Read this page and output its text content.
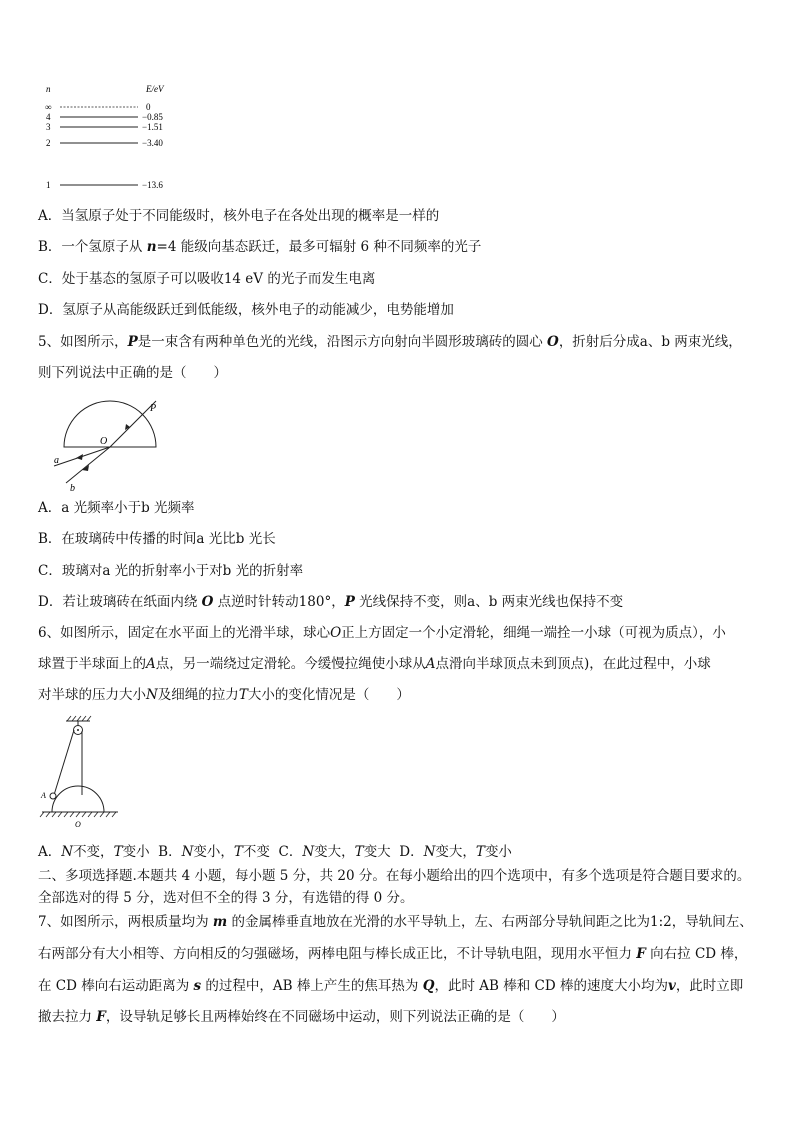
n	E/eV
∞	0
4	−0.85
3	−1.51
2	−3.40
1	−13.6
A．当氢原子处于不同能级时，核外电子在各处出现的概率是一样的
B．一个氢原子从 n=4 能级向基态跃迁，最多可辐射 6 种不同频率的光子
C．处于基态的氢原子可以吸收14 eV 的光子而发生电离
D．氢原子从高能级跃迁到低能级，核外电子的动能减少，电势能增加
5、如图所示，P是一束含有两种单色光的光线，沿图示方向射向半圆形玻璃砖的圆心 O，折射后分成a、b 两束光线，
则下列说法中正确的是（　　）
P
O
a
b
A．a 光频率小于b 光频率
B．在玻璃砖中传播的时间a 光比b 光长
C．玻璃对a 光的折射率小于对b 光的折射率
D．若让玻璃砖在纸面内绕 O 点逆时针转动180°，P 光线保持不变，则a、b 两束光线也保持不变
6、如图所示，固定在水平面上的光滑半球，球心O正上方固定一个小定滑轮，细绳一端拴一小球（可视为质点），小
球置于半球面上的A点，另一端绕过定滑轮。今缓慢拉绳使小球从A点滑向半球顶点未到顶点)，在此过程中，小球
对半球的压力大小N及细绳的拉力T大小的变化情况是（　　）
A
O
A．N不变，T变小  B．N变小，T不变  C．N变大，T变大  D．N变大，T变小
二、多项选择题.本题共 4 小题，每小题 5 分，共 20 分。在每小题给出的四个选项中，有多个选项是符合题目要求的。
全部选对的得 5 分，选对但不全的得 3 分，有选错的得 0 分。
7、如图所示，两根质量均为 m 的金属棒垂直地放在光滑的水平导轨上，左、右两部分导轨间距之比为1:2，导轨间左、
右两部分有大小相等、方向相反的匀强磁场，两棒电阻与棒长成正比，不计导轨电阻，现用水平恒力 F 向右拉 CD 棒，
在 CD 棒向右运动距离为 s 的过程中，AB 棒上产生的焦耳热为 Q，此时 AB 棒和 CD 棒的速度大小均为v，此时立即
撤去拉力 F，设导轨足够长且两棒始终在不同磁场中运动，则下列说法正确的是（　　）
